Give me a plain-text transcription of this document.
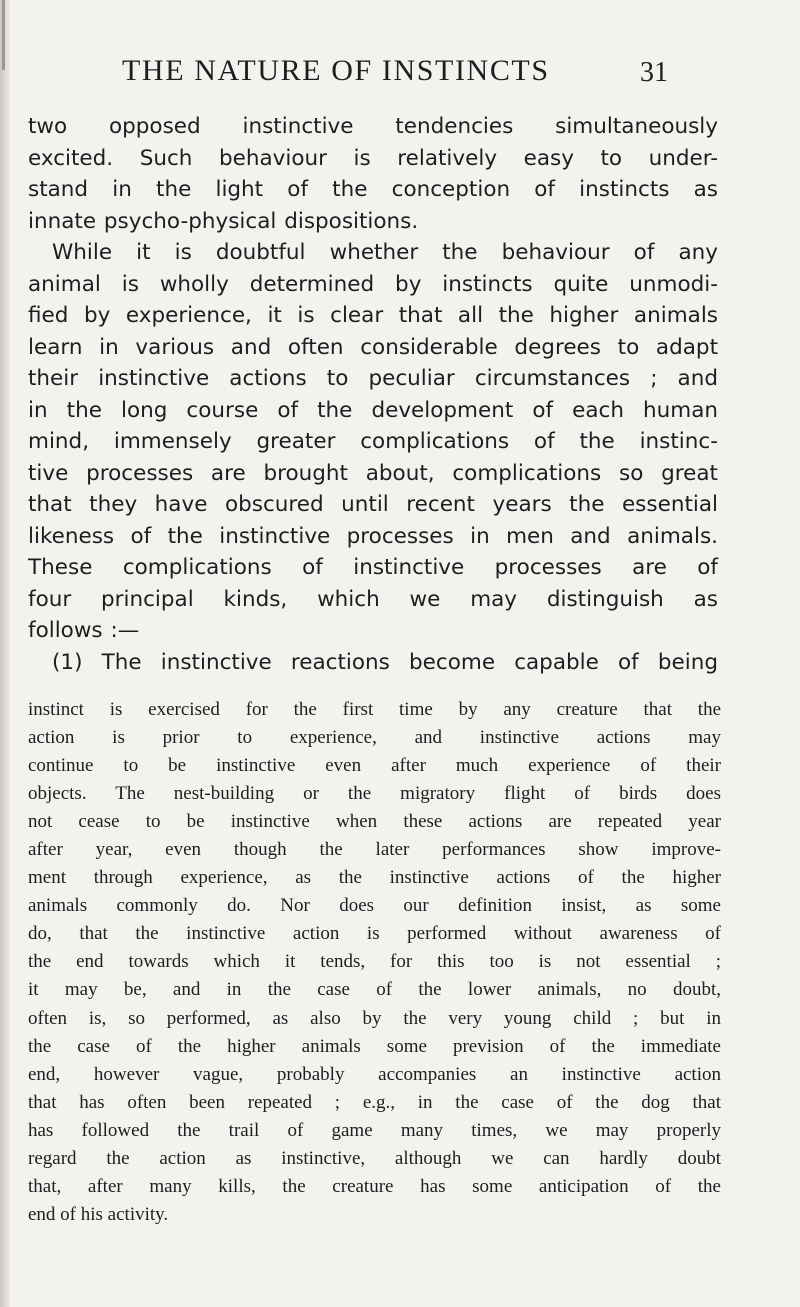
THE NATURE OF INSTINCTS	31
two opposed instinctive tendencies simultaneously
excited. Such behaviour is relatively easy to under-
stand in the light of the conception of instincts as
innate psycho-physical dispositions.
While it is doubtful whether the behaviour of any
animal is wholly determined by instincts quite unmodi-
fied by experience, it is clear that all the higher animals
learn in various and often considerable degrees to adapt
their instinctive actions to peculiar circumstances ; and
in the long course of the development of each human
mind, immensely greater complications of the instinc-
tive processes are brought about, complications so great
that they have obscured until recent years the essential
likeness of the instinctive processes in men and animals.
These complications of instinctive processes are of
four principal kinds, which we may distinguish as
follows :—
(1) The instinctive reactions become capable of being
instinct is exercised for the first time by any creature that the
action is prior to experience, and instinctive actions may
continue to be instinctive even after much experience of their
objects. The nest-building or the migratory flight of birds does
not cease to be instinctive when these actions are repeated year
after year, even though the later performances show improve-
ment through experience, as the instinctive actions of the higher
animals commonly do. Nor does our definition insist, as some
do, that the instinctive action is performed without awareness of
the end towards which it tends, for this too is not essential ;
it may be, and in the case of the lower animals, no doubt,
often is, so performed, as also by the very young child ; but in
the case of the higher animals some prevision of the immediate
end, however vague, probably accompanies an instinctive action
that has often been repeated ; e.g., in the case of the dog that
has followed the trail of game many times, we may properly
regard the action as instinctive, although we can hardly doubt
that, after many kills, the creature has some anticipation of the
end of his activity.
